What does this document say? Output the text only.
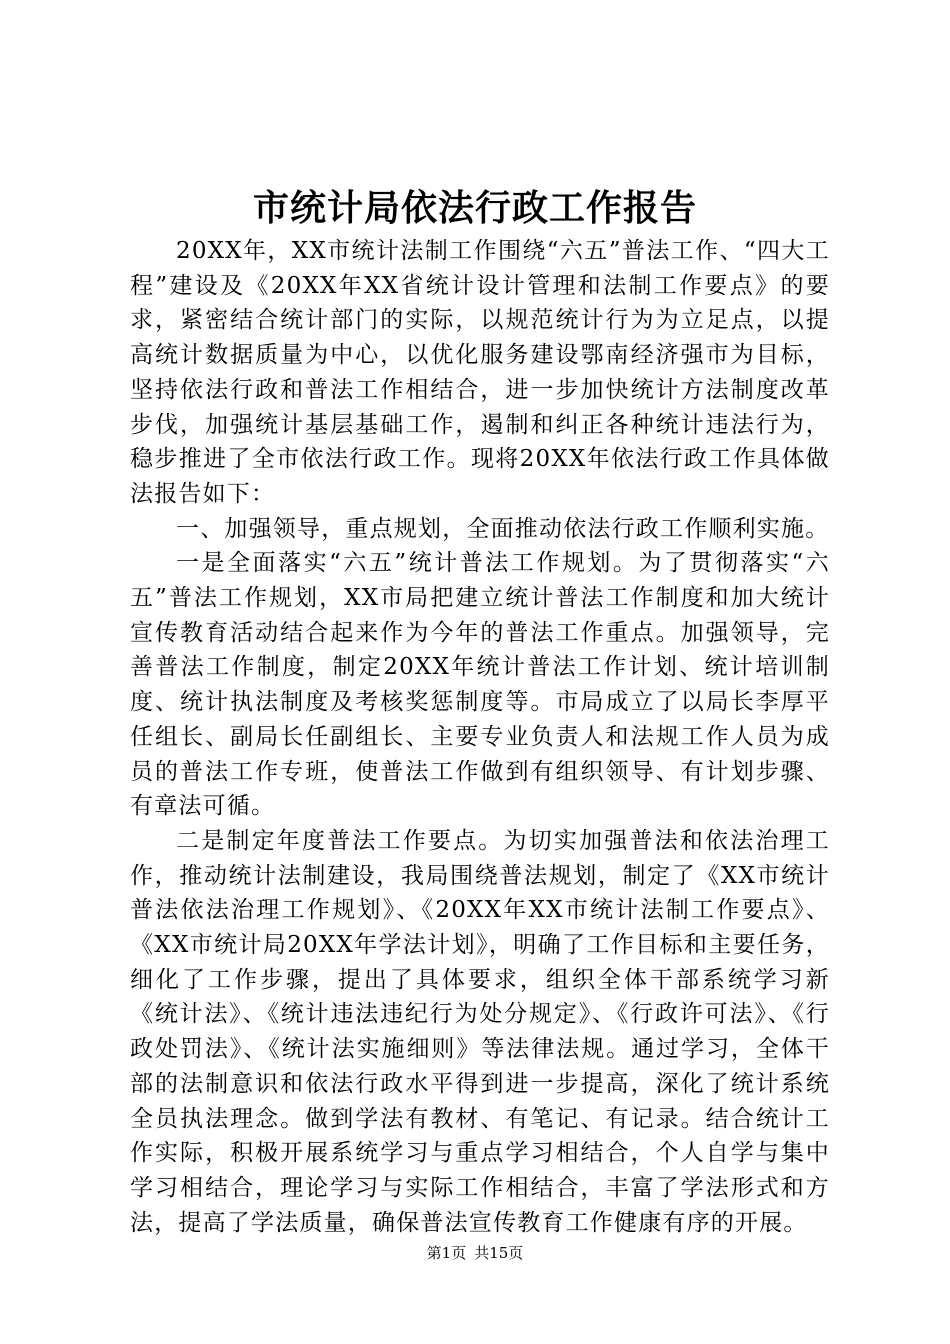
市统计局依法行政工作报告

20XX年，XX市统计法制工作围绕“六五”普法工作、“四大工程”建设及《20XX年XX省统计设计管理和法制工作要点》的要求，紧密结合统计部门的实际，以规范统计行为为立足点，以提高统计数据质量为中心，以优化服务建设鄂南经济强市为目标，坚持依法行政和普法工作相结合，进一步加快统计方法制度改革步伐，加强统计基层基础工作，遏制和纠正各种统计违法行为，稳步推进了全市依法行政工作。现将20XX年依法行政工作具体做法报告如下：

一、加强领导，重点规划，全面推动依法行政工作顺利实施。

一是全面落实“六五”统计普法工作规划。为了贯彻落实“六五”普法工作规划，XX市局把建立统计普法工作制度和加大统计宣传教育活动结合起来作为今年的普法工作重点。加强领导，完善普法工作制度，制定20XX年统计普法工作计划、统计培训制度、统计执法制度及考核奖惩制度等。市局成立了以局长李厚平任组长、副局长任副组长、主要专业负责人和法规工作人员为成员的普法工作专班，使普法工作做到有组织领导、有计划步骤、有章法可循。

二是制定年度普法工作要点。为切实加强普法和依法治理工作，推动统计法制建设，我局围绕普法规划，制定了《XX市统计普法依法治理工作规划》、《20XX年XX市统计法制工作要点》、《XX市统计局20XX年学法计划》，明确了工作目标和主要任务，细化了工作步骤，提出了具体要求，组织全体干部系统学习新《统计法》、《统计违法违纪行为处分规定》、《行政许可法》、《行政处罚法》、《统计法实施细则》等法律法规。通过学习，全体干部的法制意识和依法行政水平得到进一步提高，深化了统计系统全员执法理念。做到学法有教材、有笔记、有记录。结合统计工作实际，积极开展系统学习与重点学习相结合，个人自学与集中学习相结合，理论学习与实际工作相结合，丰富了学法形式和方法，提高了学法质量，确保普法宣传教育工作健康有序的开展。

第1页 共15页
